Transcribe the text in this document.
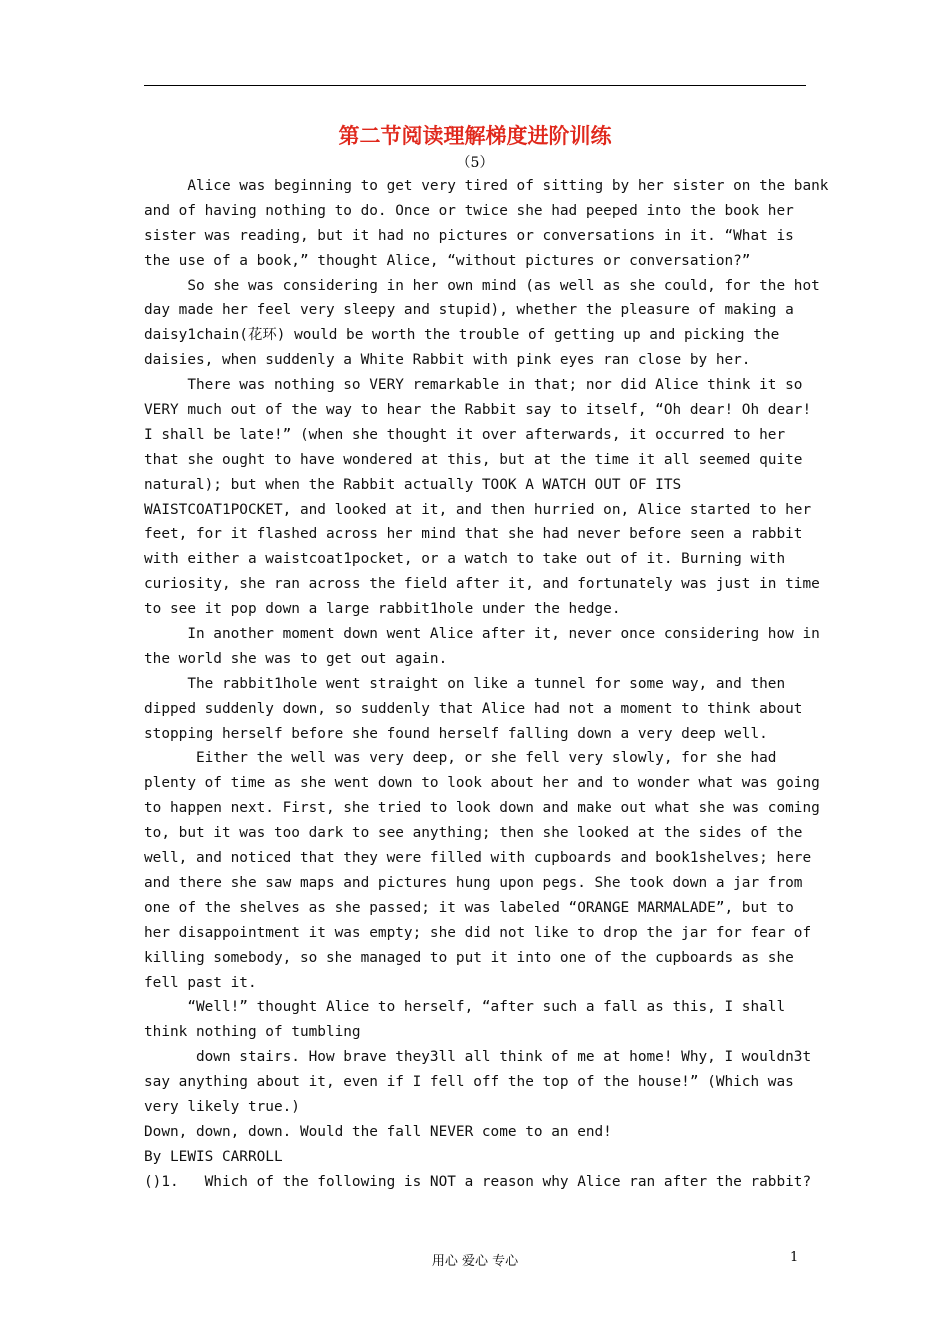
第二节阅读理解梯度进阶训练
（5）
Alice was beginning to get very tired of sitting by her sister on the bank
and of having nothing to do. Once or twice she had peeped into the book her
sister was reading, but it had no pictures or conversations in it. “What is
the use of a book,” thought Alice, “without pictures or conversation?”
So she was considering in her own mind (as well as she could, for the hot
day made her feel very sleepy and stupid), whether the pleasure of making a
daisy1chain(花环) would be worth the trouble of getting up and picking the
daisies, when suddenly a White Rabbit with pink eyes ran close by her.
There was nothing so VERY remarkable in that; nor did Alice think it so
VERY much out of the way to hear the Rabbit say to itself, “Oh dear! Oh dear!
I shall be late!” (when she thought it over afterwards, it occurred to her
that she ought to have wondered at this, but at the time it all seemed quite
natural); but when the Rabbit actually TOOK A WATCH OUT OF ITS
WAISTCOAT1POCKET, and looked at it, and then hurried on, Alice started to her
feet, for it flashed across her mind that she had never before seen a rabbit
with either a waistcoat1pocket, or a watch to take out of it. Burning with
curiosity, she ran across the field after it, and fortunately was just in time
to see it pop down a large rabbit1hole under the hedge.
In another moment down went Alice after it, never once considering how in
the world she was to get out again.
The rabbit1hole went straight on like a tunnel for some way, and then
dipped suddenly down, so suddenly that Alice had not a moment to think about
stopping herself before she found herself falling down a very deep well.
Either the well was very deep, or she fell very slowly, for she had
plenty of time as she went down to look about her and to wonder what was going
to happen next. First, she tried to look down and make out what she was coming
to, but it was too dark to see anything; then she looked at the sides of the
well, and noticed that they were filled with cupboards and book1shelves; here
and there she saw maps and pictures hung upon pegs. She took down a jar from
one of the shelves as she passed; it was labeled “ORANGE MARMALADE”, but to
her disappointment it was empty; she did not like to drop the jar for fear of
killing somebody, so she managed to put it into one of the cupboards as she
fell past it.
“Well!” thought Alice to herself, “after such a fall as this, I shall
think nothing of tumbling
down stairs. How brave they3ll all think of me at home! Why, I wouldn3t
say anything about it, even if I fell off the top of the house!” (Which was
very likely true.)
Down, down, down. Would the fall NEVER come to an end!
By LEWIS CARROLL
()1.   Which of the following is NOT a reason why Alice ran after the rabbit?
用心 爱心 专心	1
